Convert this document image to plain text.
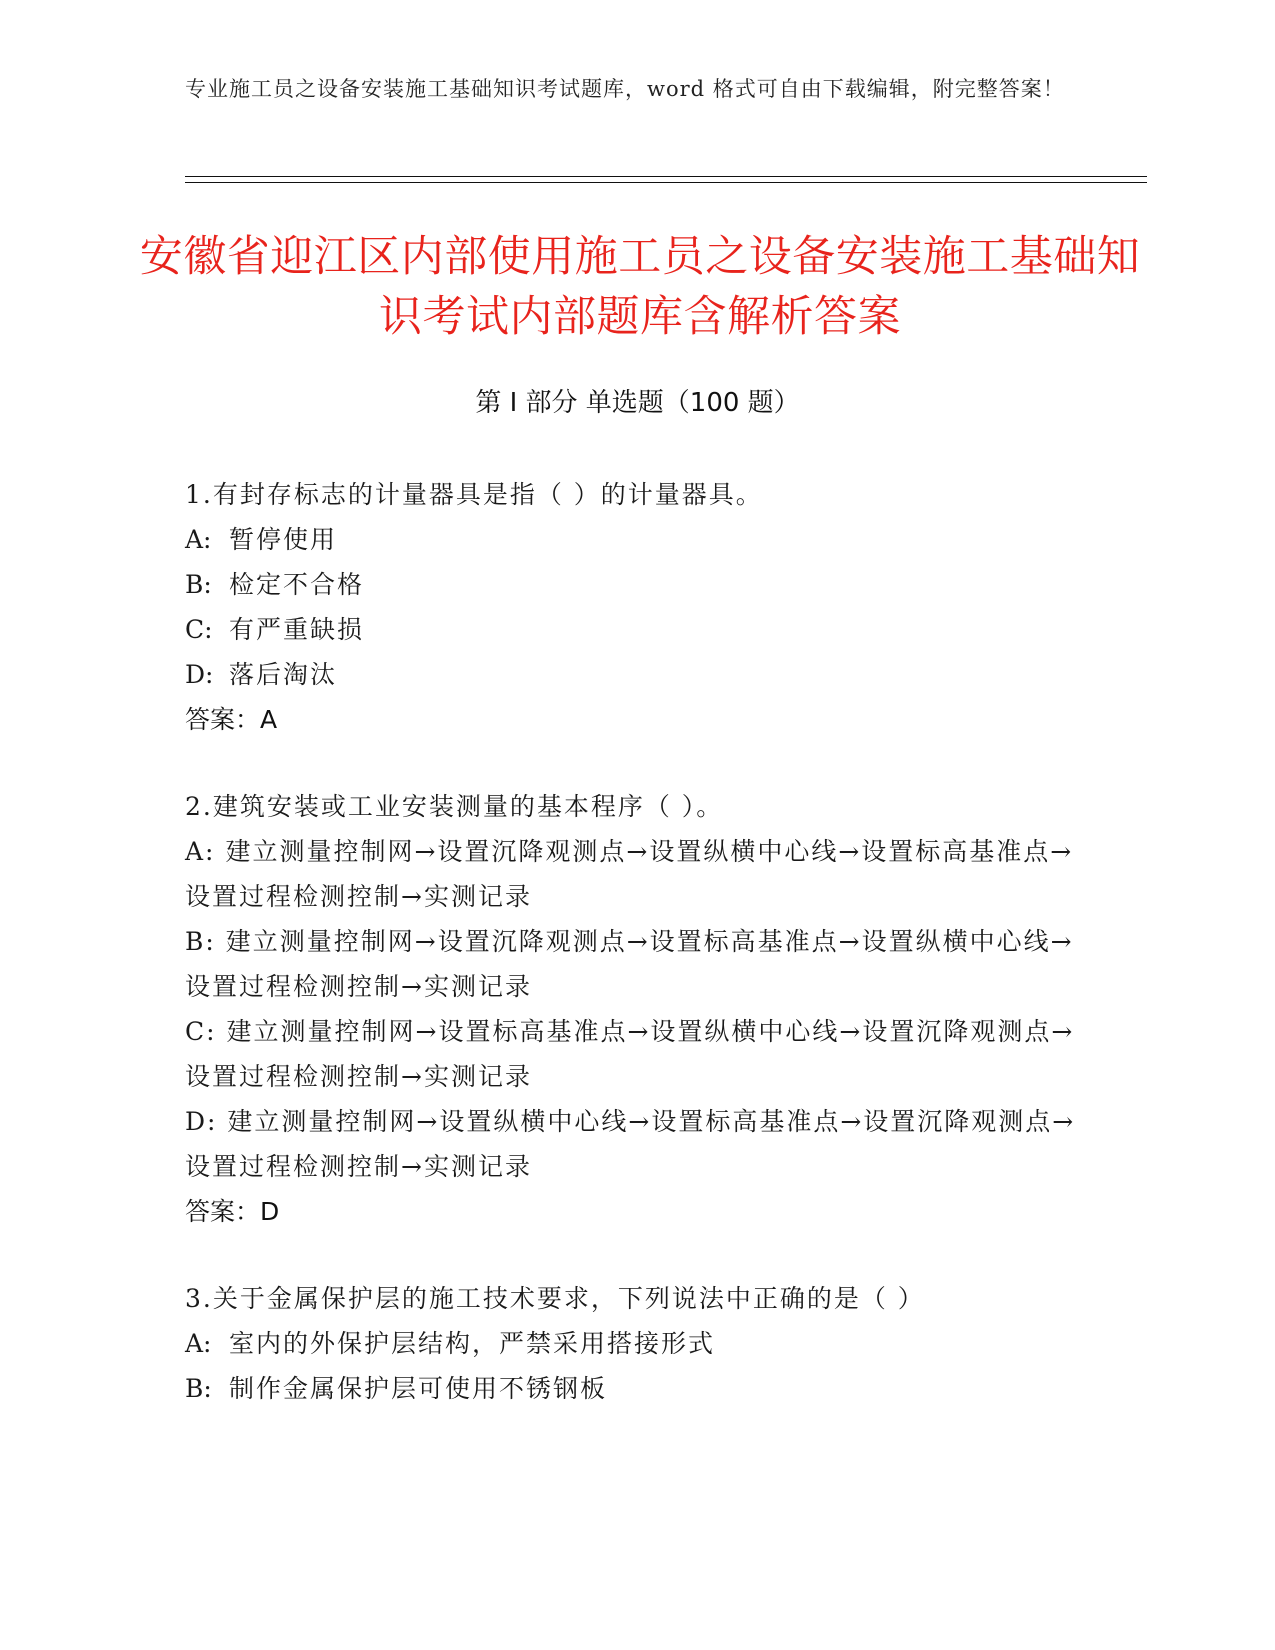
专业施工员之设备安装施工基础知识考试题库，word 格式可自由下载编辑，附完整答案！
安徽省迎江区内部使用施工员之设备安装施工基础知识考试内部题库含解析答案
第 I 部分 单选题（100 题）
1.有封存标志的计量器具是指（ ）的计量器具。
A: 暂停使用
B: 检定不合格
C: 有严重缺损
D: 落后淘汰
答案：A
2.建筑安装或工业安装测量的基本程序（ ）。
A: 建立测量控制网→设置沉降观测点→设置纵横中心线→设置标高基准点→设置过程检测控制→实测记录
B: 建立测量控制网→设置沉降观测点→设置标高基准点→设置纵横中心线→设置过程检测控制→实测记录
C: 建立测量控制网→设置标高基准点→设置纵横中心线→设置沉降观测点→设置过程检测控制→实测记录
D: 建立测量控制网→设置纵横中心线→设置标高基准点→设置沉降观测点→设置过程检测控制→实测记录
答案：D
3.关于金属保护层的施工技术要求，下列说法中正确的是（ ）
A: 室内的外保护层结构，严禁采用搭接形式
B: 制作金属保护层可使用不锈钢板
